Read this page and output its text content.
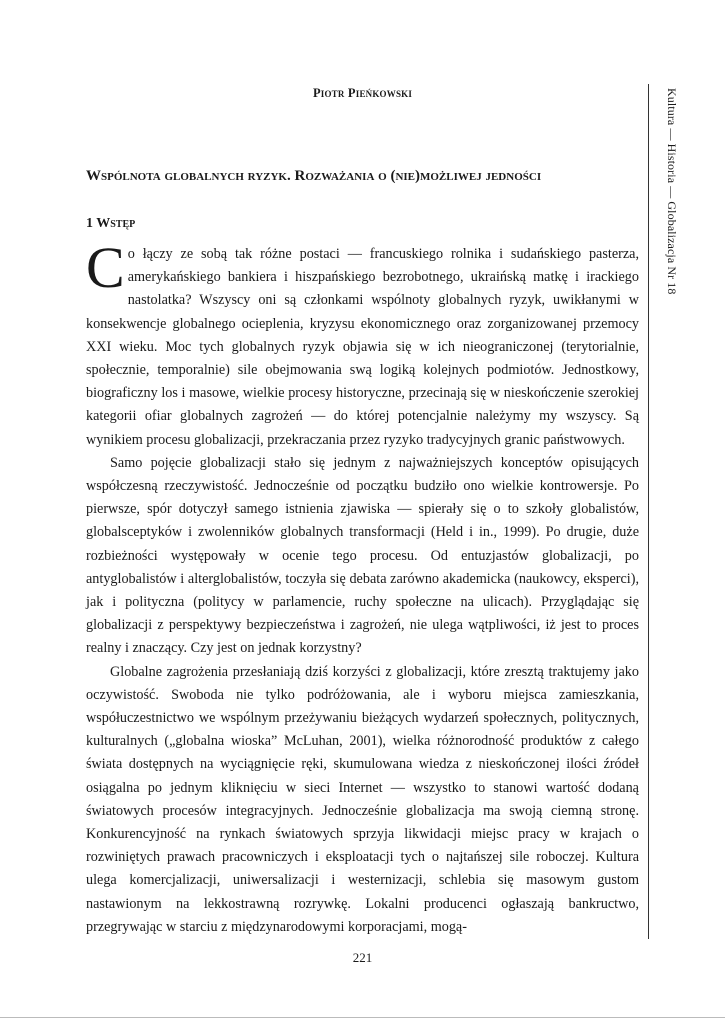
Piotr Pieńkowski
Wspólnota globalnych ryzyk. Rozważania o (nie)możliwej jedności
1 Wstęp

C o łączy ze sobą tak różne postaci — francuskiego rolnika i sudańskiego pasterza, amerykańskiego bankiera i hiszpańskiego bezrobotnego, ukraińską matkę i irackiego nastolatka? Wszyscy oni są członkami wspólnoty globalnych ryzyk, uwikłanymi w konsekwencje globalnego ocieplenia, kryzysu ekonomicznego oraz zorganizowanej przemocy XXI wieku. Moc tych globalnych ryzyk objawia się w ich nieograniczonej (terytorialnie, społecznie, temporalnie) sile obejmowania swą logiką kolejnych podmiotów. Jednostkowy, biograficzny los i masowe, wielkie procesy historyczne, przecinają się w nieskończenie szerokiej kategorii ofiar globalnych zagrożeń — do której potencjalnie należymy my wszyscy. Są wynikiem procesu globalizacji, przekraczania przez ryzyko tradycyjnych granic państwowych.

Samo pojęcie globalizacji stało się jednym z najważniejszych konceptów opisujących współczesną rzeczywistość. Jednocześnie od początku budziło ono wielkie kontrowersje. Po pierwsze, spór dotyczył samego istnienia zjawiska — spierały się o to szkoły globalistów, globalsceptyków i zwolenników globalnych transformacji (Held i in., 1999). Po drugie, duże rozbieżności występowały w ocenie tego procesu. Od entuzjastów globalizacji, po antyglobalistów i alterglobalistów, toczyła się debata zarówno akademicka (naukowcy, eksperci), jak i polityczna (politycy w parlamencie, ruchy społeczne na ulicach). Przyglądając się globalizacji z perspektywy bezpieczeństwa i zagrożeń, nie ulega wątpliwości, iż jest to proces realny i znaczący. Czy jest on jednak korzystny?

Globalne zagrożenia przesłaniają dziś korzyści z globalizacji, które zresztą traktujemy jako oczywistość. Swoboda nie tylko podróżowania, ale i wyboru miejsca zamieszkania, współuczestnictwo we wspólnym przeżywaniu bieżących wydarzeń społecznych, politycznych, kulturalnych („globalna wioska” McLuhan, 2001), wielka różnorodność produktów z całego świata dostępnych na wyciągnięcie ręki, skumulowana wiedza z nieskończonej ilości źródeł osiągalna po jednym kliknięciu w sieci Internet — wszystko to stanowi wartość dodaną światowych procesów integracyjnych. Jednocześnie globalizacja ma swoją ciemną stronę. Konkurencyjność na rynkach światowych sprzyja likwidacji miejsc pracy w krajach o rozwiniętych prawach pracowniczych i eksploatacji tych o najtańszej sile roboczej. Kultura ulega komercjalizacji, uniwersalizacji i westernizacji, schlebia się masowym gustom nastawionym na lekkostrawną rozrywkę. Lokalni producenci ogłaszają bankructwo, przegrywając w starciu z międzynarodowymi korporacjami, mogą-

Kultura — Historia — Globalizacja Nr 18
221
